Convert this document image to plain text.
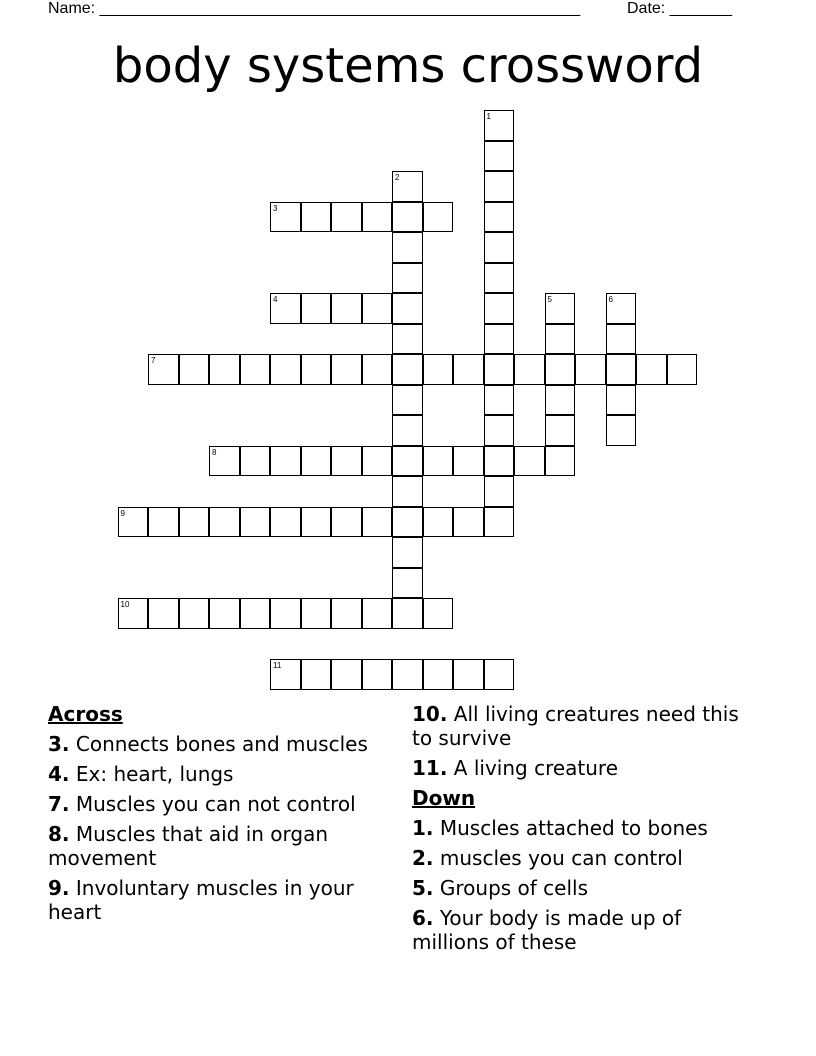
Name: ______________________________________________________	Date: _______
body systems crossword
1
2
3
4	5	6
7
8
9
10
11
Across
3. Connects bones and muscles
4. Ex: heart, lungs
7. Muscles you can not control
8. Muscles that aid in organ movement
9. Involuntary muscles in your heart
10. All living creatures need this to survive
11. A living creature
Down
1. Muscles attached to bones
2. muscles you can control
5. Groups of cells
6. Your body is made up of millions of these
